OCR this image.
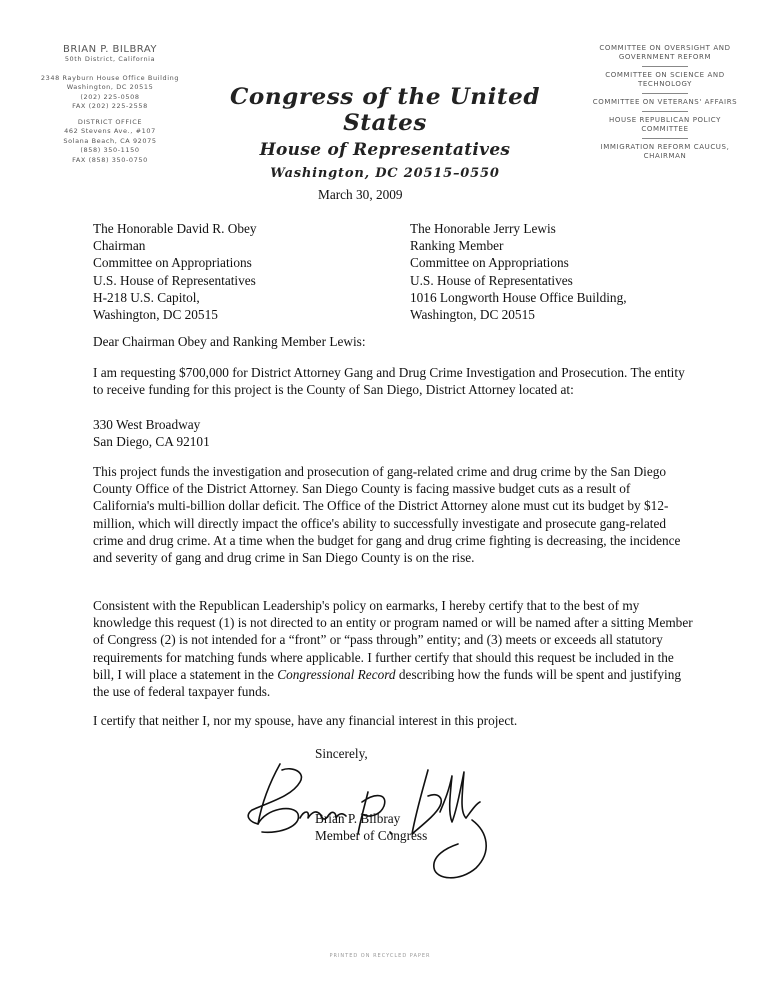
BRIAN P. BILBRAY
50th District, California
2348 Rayburn House Office Building
Washington, DC 20515
(202) 225-0508
FAX (202) 225-2558
DISTRICT OFFICE
462 Stevens Ave., #107
Solana Beach, CA 92075
(858) 350-1150
FAX (858) 350-0750
Congress of the United States
House of Representatives
Washington, DC 20515–0550
COMMITTEE ON OVERSIGHT AND GOVERNMENT REFORM
COMMITTEE ON SCIENCE AND TECHNOLOGY
COMMITTEE ON VETERANS' AFFAIRS
HOUSE REPUBLICAN POLICY COMMITTEE
IMMIGRATION REFORM CAUCUS, CHAIRMAN
March 30, 2009
The Honorable David R. Obey
Chairman
Committee on Appropriations
U.S. House of Representatives
H-218 U.S. Capitol,
Washington, DC 20515
The Honorable Jerry Lewis
Ranking Member
Committee on Appropriations
U.S. House of Representatives
1016 Longworth House Office Building,
Washington, DC 20515
Dear Chairman Obey and Ranking Member Lewis:
I am requesting $700,000 for District Attorney Gang and Drug Crime Investigation and Prosecution. The entity to receive funding for this project is the County of San Diego, District Attorney located at:
330 West Broadway
San Diego, CA 92101
This project funds the investigation and prosecution of gang-related crime and drug crime by the San Diego County Office of the District Attorney. San Diego County is facing massive budget cuts as a result of California's multi-billion dollar deficit. The Office of the District Attorney alone must cut its budget by $12-million, which will directly impact the office's ability to successfully investigate and prosecute gang-related crime and drug crime. At a time when the budget for gang and drug crime fighting is decreasing, the incidence and severity of gang and drug crime in San Diego County is on the rise.
Consistent with the Republican Leadership's policy on earmarks, I hereby certify that to the best of my knowledge this request (1) is not directed to an entity or program named or will be named after a sitting Member of Congress (2) is not intended for a “front” or “pass through” entity; and (3) meets or exceeds all statutory requirements for matching funds where applicable. I further certify that should this request be included in the bill, I will place a statement in the Congressional Record describing how the funds will be spent and justifying the use of federal taxpayer funds.
I certify that neither I, nor my spouse, have any financial interest in this project.
Sincerely,
Brian P. Bilbray
Member of Congress
PRINTED ON RECYCLED PAPER
